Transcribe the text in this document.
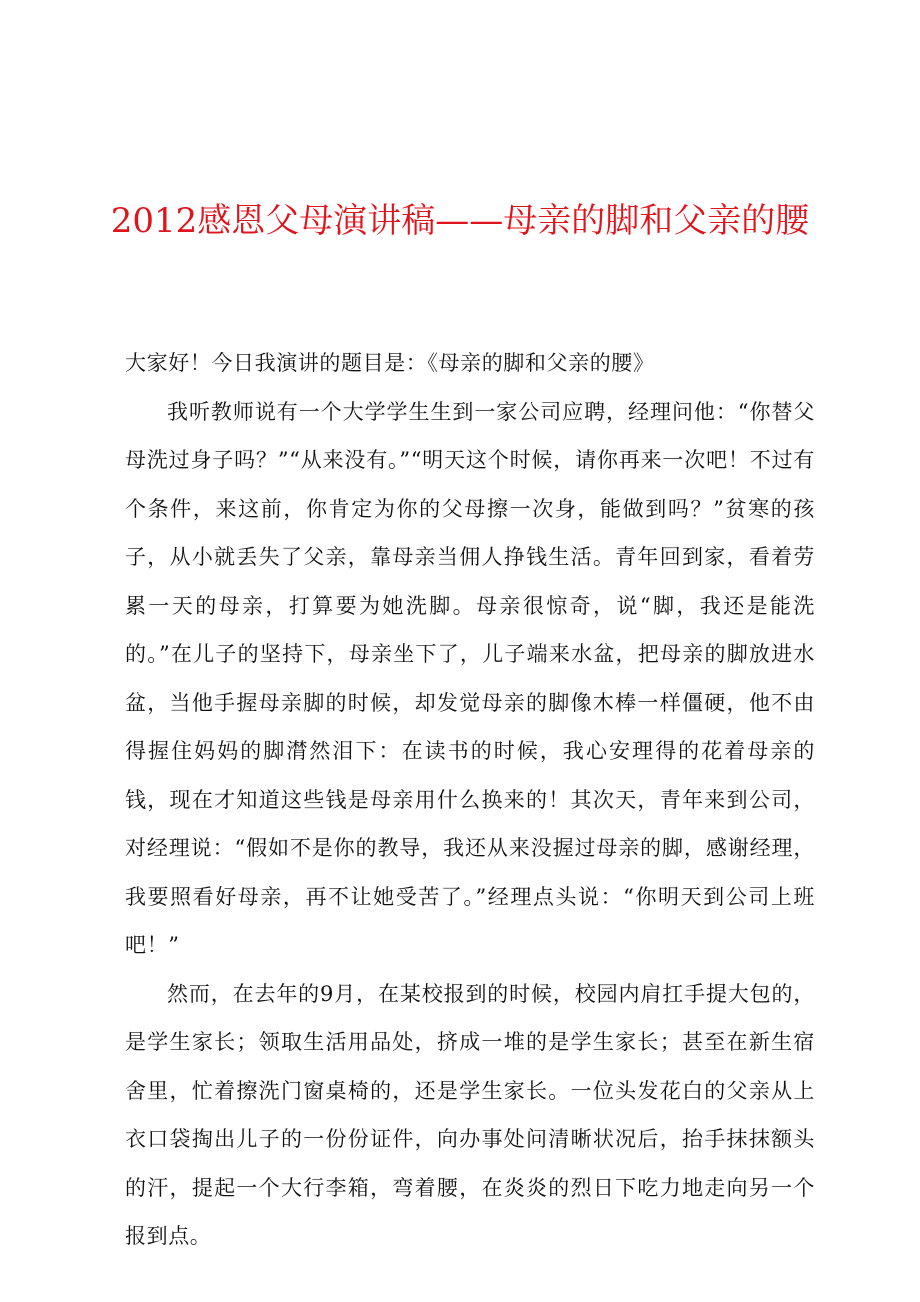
2012感恩父母演讲稿——母亲的脚和父亲的腰

大家好！今日我演讲的题目是：《母亲的脚和父亲的腰》

我听教师说有一个大学学生生到一家公司应聘，经理问他：“你替父母洗过身子吗？”“从来没有。”“明天这个时候，请你再来一次吧！不过有个条件，来这前，你肯定为你的父母擦一次身，能做到吗？”贫寒的孩子，从小就丢失了父亲，靠母亲当佣人挣钱生活。青年回到家，看着劳累一天的母亲，打算要为她洗脚。母亲很惊奇，说“脚，我还是能洗的。”在儿子的坚持下，母亲坐下了，儿子端来水盆，把母亲的脚放进水盆，当他手握母亲脚的时候，却发觉母亲的脚像木棒一样僵硬，他不由得握住妈妈的脚潸然泪下：在读书的时候，我心安理得的花着母亲的钱，现在才知道这些钱是母亲用什么换来的！其次天，青年来到公司，对经理说：“假如不是你的教导，我还从来没握过母亲的脚，感谢经理，我要照看好母亲，再不让她受苦了。”经理点头说：“你明天到公司上班吧！”

然而，在去年的9月，在某校报到的时候，校园内肩扛手提大包的，是学生家长；领取生活用品处，挤成一堆的是学生家长；甚至在新生宿舍里，忙着擦洗门窗桌椅的，还是学生家长。一位头发花白的父亲从上衣口袋掏出儿子的一份份证件，向办事处问清晰状况后，抬手抹抹额头的汗，提起一个大行李箱，弯着腰，在炎炎的烈日下吃力地走向另一个报到点。
